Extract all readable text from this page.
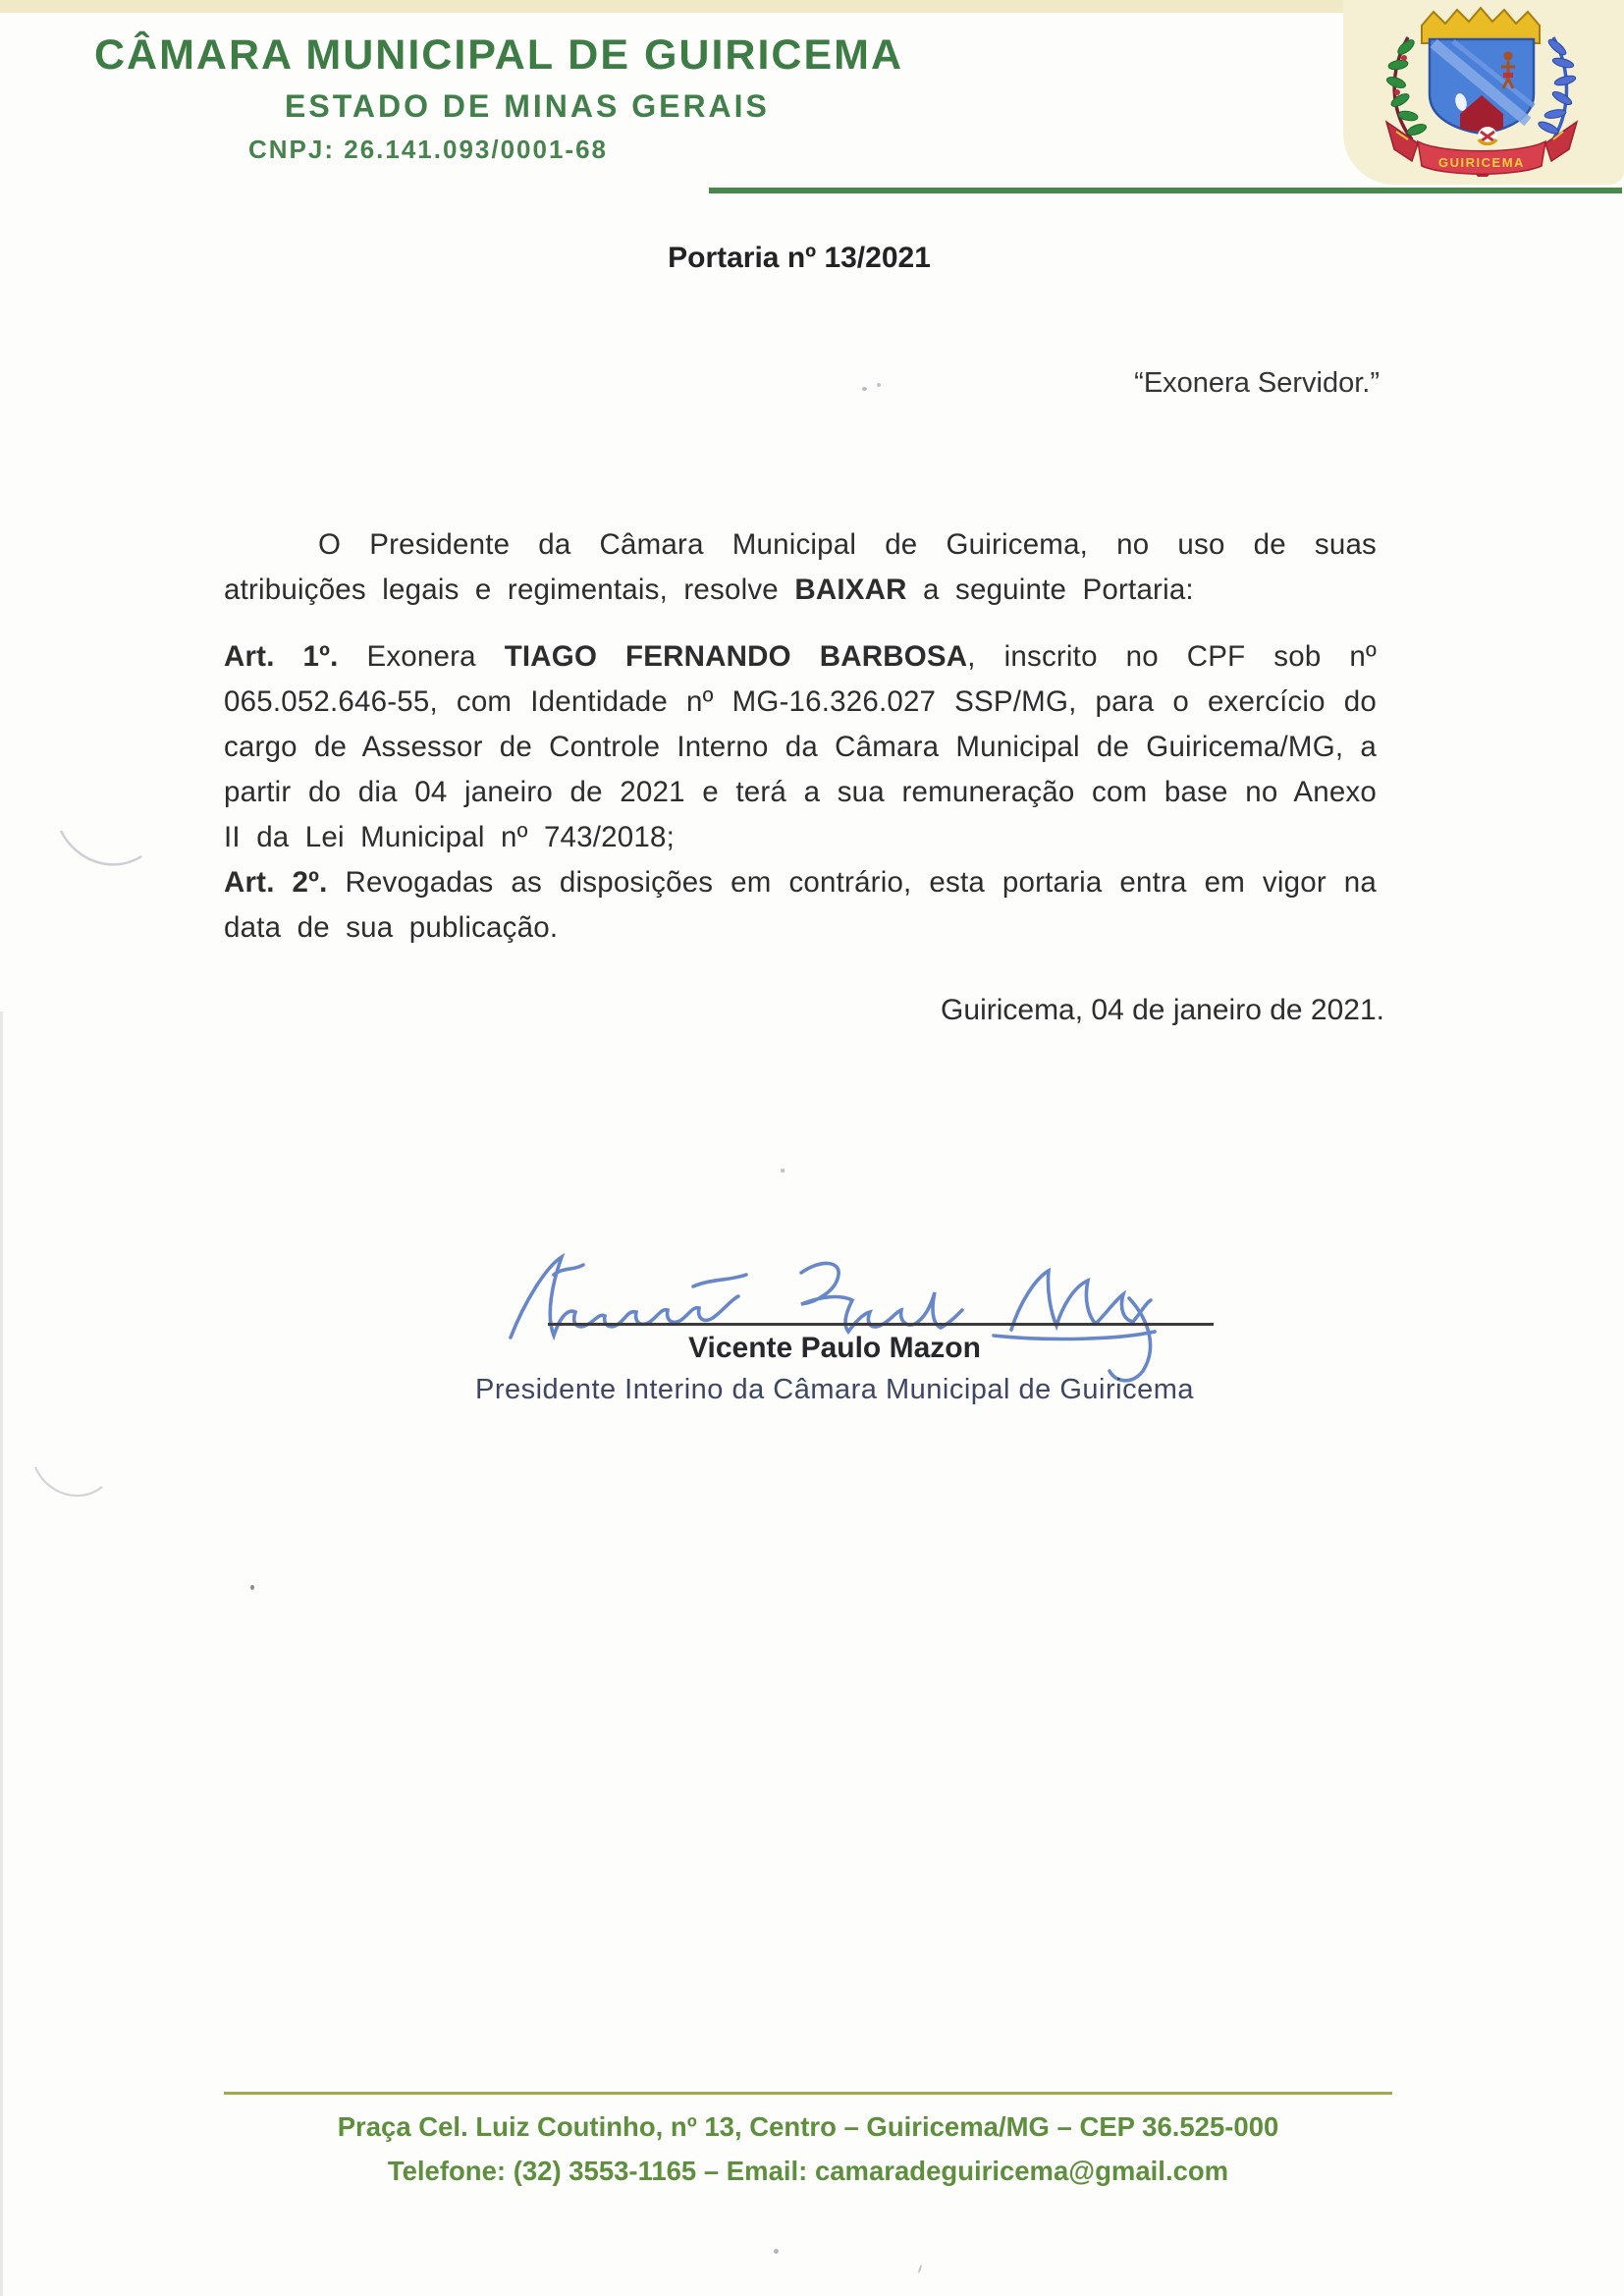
CÂMARA MUNICIPAL DE GUIRICEMA
ESTADO DE MINAS GERAIS
CNPJ: 26.141.093/0001-68	GUIRICEMA
Portaria nº 13/2021
“Exonera Servidor.”

O Presidente da Câmara Municipal de Guiricema, no uso de suas atribuições legais e regimentais, resolve BAIXAR a seguinte Portaria:

Art. 1º. Exonera TIAGO FERNANDO BARBOSA, inscrito no CPF sob nº 065.052.646-55, com Identidade nº MG-16.326.027 SSP/MG, para o exercício do cargo de Assessor de Controle Interno da Câmara Municipal de Guiricema/MG, a partir do dia 04 janeiro de 2021 e terá a sua remuneração com base no Anexo II da Lei Municipal nº 743/2018;

Art. 2º. Revogadas as disposições em contrário, esta portaria entra em vigor na data de sua publicação.

Guiricema, 04 de janeiro de 2021.
Vicente Paulo Mazon
Presidente Interino da Câmara Municipal de Guiricema
Praça Cel. Luiz Coutinho, nº 13, Centro – Guiricema/MG – CEP 36.525-000
Telefone: (32) 3553-1165 – Email: camaradeguiricema@gmail.com
